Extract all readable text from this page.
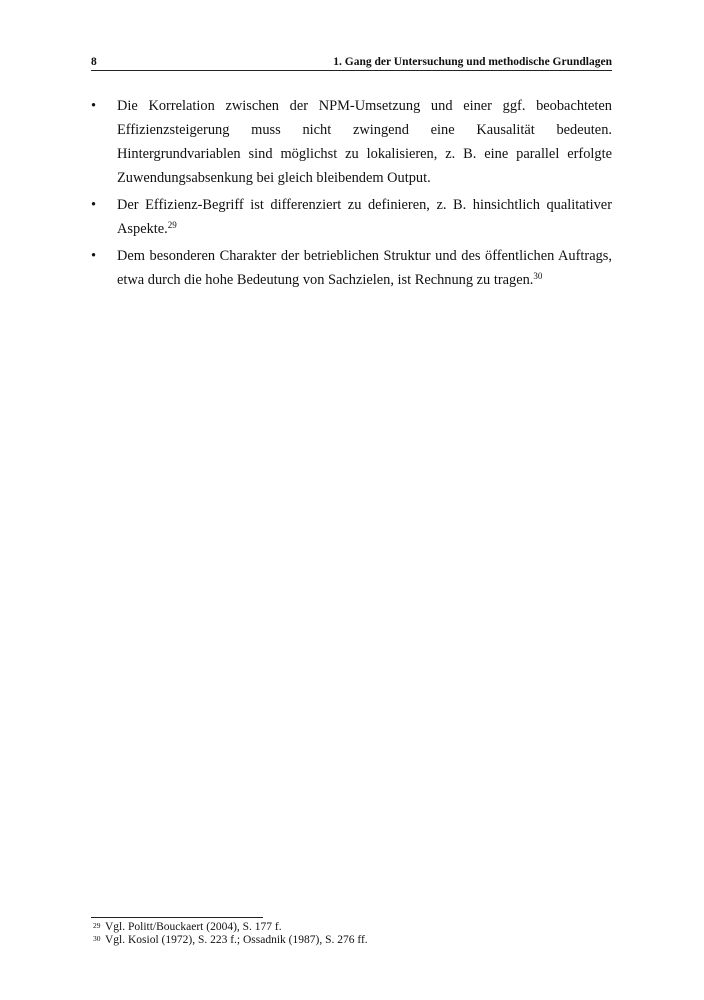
8	1. Gang der Untersuchung und methodische Grundlagen
• Die Korrelation zwischen der NPM-Umsetzung und einer ggf. beobachteten Effizienzsteigerung muss nicht zwingend eine Kausalität bedeuten. Hintergrundvariablen sind möglichst zu lokalisieren, z. B. eine parallel erfolgte Zuwendungsabsenkung bei gleich bleibendem Output.
• Der Effizienz-Begriff ist differenziert zu definieren, z. B. hinsichtlich qualitativer Aspekte.$^{29}$
• Dem besonderen Charakter der betrieblichen Struktur und des öffentlichen Auftrags, etwa durch die hohe Bedeutung von Sachzielen, ist Rechnung zu tragen.$^{30}$
29 Vgl. Politt/Bouckaert (2004), S. 177 f.
30 Vgl. Kosiol (1972), S. 223 f.; Ossadnik (1987), S. 276 ff.
